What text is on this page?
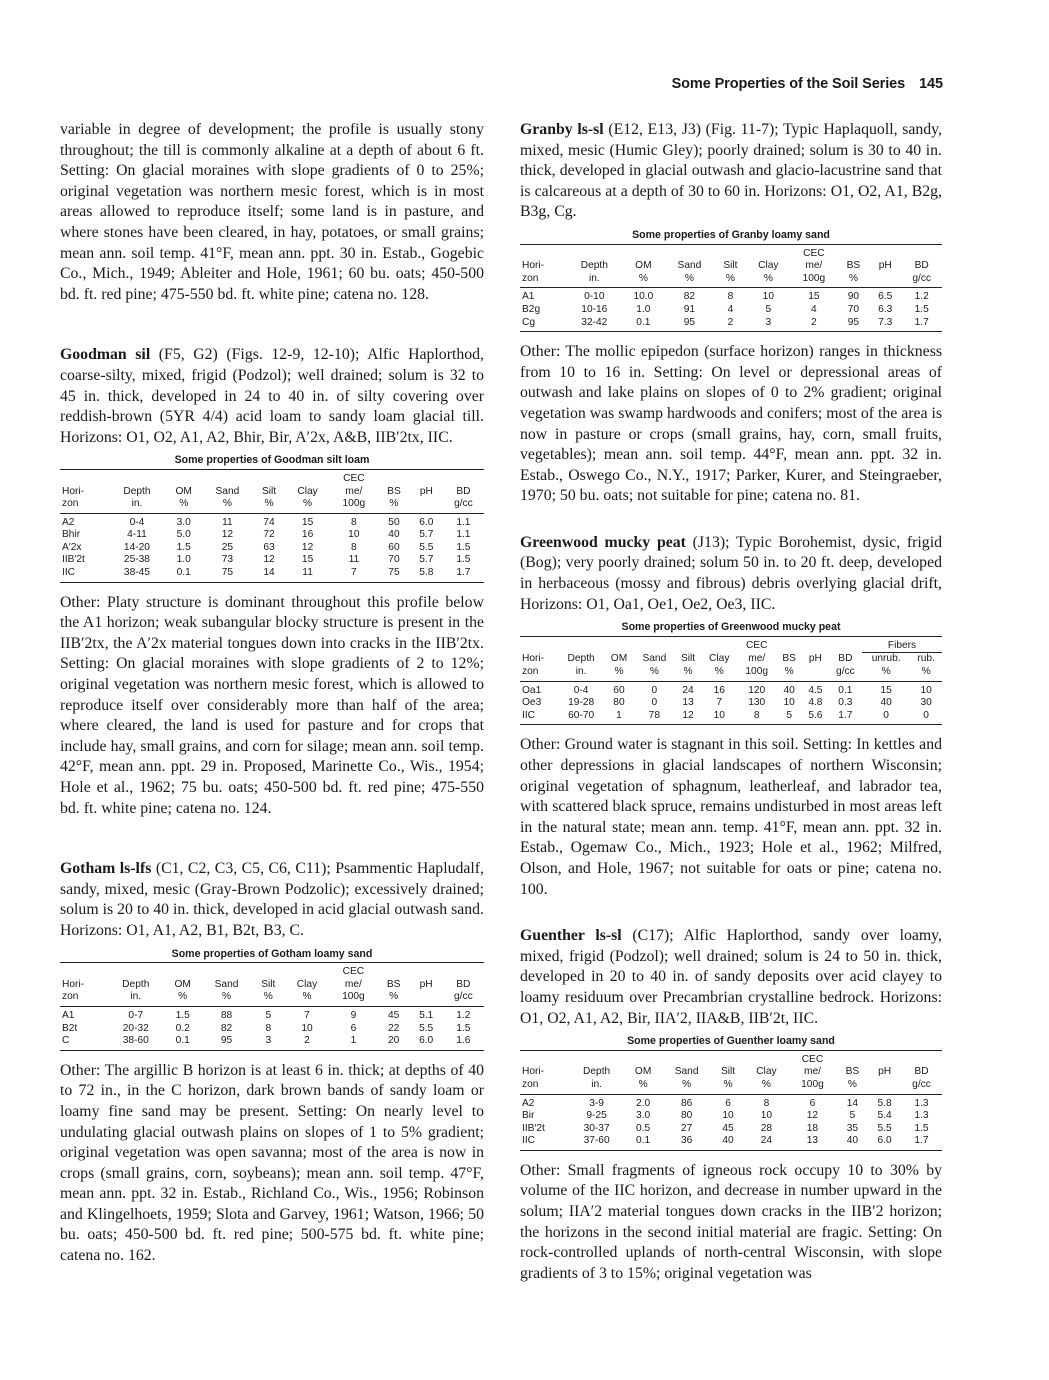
Some Properties of the Soil Series 145

variable in degree of development; the profile is usually stony throughout; the till is commonly alkaline at a depth of about 6 ft. Setting: On glacial moraines with slope gradients of 0 to 25%; original vegetation was northern mesic forest, which is in most areas allowed to reproduce itself; some land is in pasture, and where stones have been cleared, in hay, potatoes, or small grains; mean ann. soil temp. 41°F, mean ann. ppt. 30 in. Estab., Gogebic Co., Mich., 1949; Ableiter and Hole, 1961; 60 bu. oats; 450-500 bd. ft. red pine; 475-550 bd. ft. white pine; catena no. 128.

Goodman sil (F5, G2) (Figs. 12-9, 12-10); Alfic Haplorthod, coarse-silty, mixed, frigid (Podzol); well drained; solum is 32 to 45 in. thick, developed in 24 to 40 in. of silty covering over reddish-brown (5YR 4/4) acid loam to sandy loam glacial till. Horizons: O1, O2, A1, A2, Bhir, Bir, A′2x, A&B, IIB′2tx, IIC.

Some properties of Goodman silt loam
						CEC			
Hori-	Depth	OM	Sand	Silt	Clay	me/	BS	pH	BD
zon	in.	%	%	%	%	100g	%		g/cc
A2	0-4	3.0	11	74	15	8	50	6.0	1.1
Bhir	4-11	5.0	12	72	16	10	40	5.7	1.1
A′2x	14-20	1.5	25	63	12	8	60	5.5	1.5
IIB′2t	25-38	1.0	73	12	15	11	70	5.7	1.5
IIC	38-45	0.1	75	14	11	7	75	5.8	1.7

Other: Platy structure is dominant throughout this profile below the A1 horizon; weak subangular blocky structure is present in the IIB′2tx, the A′2x material tongues down into cracks in the IIB′2tx. Setting: On glacial moraines with slope gradients of 2 to 12%; original vegetation was northern mesic forest, which is allowed to reproduce itself over considerably more than half of the area; where cleared, the land is used for pasture and for crops that include hay, small grains, and corn for silage; mean ann. soil temp. 42°F, mean ann. ppt. 29 in. Proposed, Marinette Co., Wis., 1954; Hole et al., 1962; 75 bu. oats; 450-500 bd. ft. red pine; 475-550 bd. ft. white pine; catena no. 124.

Gotham ls-lfs (C1, C2, C3, C5, C6, C11); Psammentic Hapludalf, sandy, mixed, mesic (Gray-Brown Podzolic); excessively drained; solum is 20 to 40 in. thick, developed in acid glacial outwash sand. Horizons: O1, A1, A2, B1, B2t, B3, C.

Some properties of Gotham loamy sand
						CEC			
Hori-	Depth	OM	Sand	Silt	Clay	me/	BS	pH	BD
zon	in.	%	%	%	%	100g	%		g/cc
A1	0-7	1.5	88	5	7	9	45	5.1	1.2
B2t	20-32	0.2	82	8	10	6	22	5.5	1.5
C	38-60	0.1	95	3	2	1	20	6.0	1.6

Other: The argillic B horizon is at least 6 in. thick; at depths of 40 to 72 in., in the C horizon, dark brown bands of sandy loam or loamy fine sand may be present. Setting: On nearly level to undulating glacial outwash plains on slopes of 1 to 5% gradient; original vegetation was open savanna; most of the area is now in crops (small grains, corn, soybeans); mean ann. soil temp. 47°F, mean ann. ppt. 32 in. Estab., Richland Co., Wis., 1956; Robinson and Klingelhoets, 1959; Slota and Garvey, 1961; Watson, 1966; 50 bu. oats; 450-500 bd. ft. red pine; 500-575 bd. ft. white pine; catena no. 162.

Granby ls-sl (E12, E13, J3) (Fig. 11-7); Typic Haplaquoll, sandy, mixed, mesic (Humic Gley); poorly drained; solum is 30 to 40 in. thick, developed in glacial outwash and glacio-lacustrine sand that is calcareous at a depth of 30 to 60 in. Horizons: O1, O2, A1, B2g, B3g, Cg.

Some properties of Granby loamy sand
						CEC			
Hori-	Depth	OM	Sand	Silt	Clay	me/	BS	pH	BD
zon	in.	%	%	%	%	100g	%		g/cc
A1	0-10	10.0	82	8	10	15	90	6.5	1.2
B2g	10-16	1.0	91	4	5	4	70	6.3	1.5
Cg	32-42	0.1	95	2	3	2	95	7.3	1.7

Other: The mollic epipedon (surface horizon) ranges in thickness from 10 to 16 in. Setting: On level or depressional areas of outwash and lake plains on slopes of 0 to 2% gradient; original vegetation was swamp hardwoods and conifers; most of the area is now in pasture or crops (small grains, hay, corn, small fruits, vegetables); mean ann. soil temp. 44°F, mean ann. ppt. 32 in. Estab., Oswego Co., N.Y., 1917; Parker, Kurer, and Steingraeber, 1970; 50 bu. oats; not suitable for pine; catena no. 81.

Greenwood mucky peat (J13); Typic Borohemist, dysic, frigid (Bog); very poorly drained; solum 50 in. to 20 ft. deep, developed in herbaceous (mossy and fibrous) debris overlying glacial drift, Horizons: O1, Oa1, Oe1, Oe2, Oe3, IIC.

Some properties of Greenwood mucky peat
						CEC				Fibers	
Hori-	Depth	OM	Sand	Silt	Clay	me/	BS	pH	BD	unrub.	rub.
zon	in.	%	%	%	%	100g	%		g/cc	%	%
Oa1	0-4	60	0	24	16	120	40	4.5	0.1	15	10
Oe3	19-28	80	0	13	7	130	10	4.8	0.3	40	30
IIC	60-70	1	78	12	10	8	5	5.6	1.7	0	0

Other: Ground water is stagnant in this soil. Setting: In kettles and other depressions in glacial landscapes of northern Wisconsin; original vegetation of sphagnum, leatherleaf, and labrador tea, with scattered black spruce, remains undisturbed in most areas left in the natural state; mean ann. temp. 41°F, mean ann. ppt. 32 in. Estab., Ogemaw Co., Mich., 1923; Hole et al., 1962; Milfred, Olson, and Hole, 1967; not suitable for oats or pine; catena no. 100.

Guenther ls-sl (C17); Alfic Haplorthod, sandy over loamy, mixed, frigid (Podzol); well drained; solum is 24 to 50 in. thick, developed in 20 to 40 in. of sandy deposits over acid clayey to loamy residuum over Precambrian crystalline bedrock. Horizons: O1, O2, A1, A2, Bir, IIA′2, IIA&B, IIB′2t, IIC.

Some properties of Guenther loamy sand
						CEC			
Hori-	Depth	OM	Sand	Silt	Clay	me/	BS	pH	BD
zon	in.	%	%	%	%	100g	%		g/cc
A2	3-9	2.0	86	6	8	6	14	5.8	1.3
Bir	9-25	3.0	80	10	10	12	5	5.4	1.3
IIB′2t	30-37	0.5	27	45	28	18	35	5.5	1.5
IIC	37-60	0.1	36	40	24	13	40	6.0	1.7

Other: Small fragments of igneous rock occupy 10 to 30% by volume of the IIC horizon, and decrease in number upward in the solum; IIA′2 material tongues down cracks in the IIB′2 horizon; the horizons in the second initial material are fragic. Setting: On rock-controlled uplands of north-central Wisconsin, with slope gradients of 3 to 15%; original vegetation was
